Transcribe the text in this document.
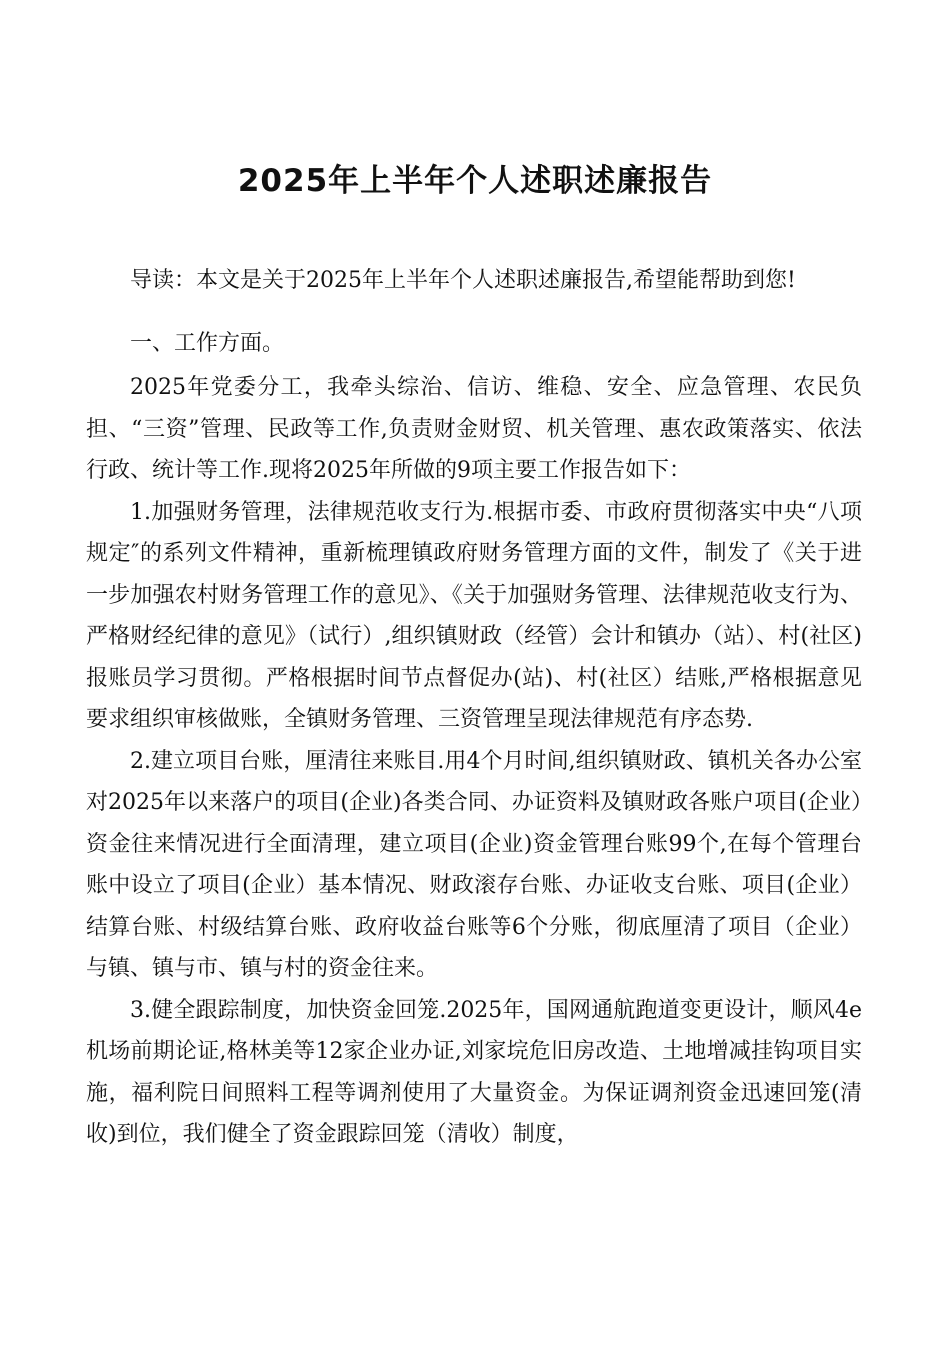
2025年上半年个人述职述廉报告

导读：本文是关于2025年上半年个人述职述廉报告,希望能帮助到您!

一、工作方面。

2025年党委分工，我牵头综治、信访、维稳、安全、应急管理、农民负担、“三资”管理、民政等工作,负责财金财贸、机关管理、惠农政策落实、依法行政、统计等工作.现将2025年所做的9项主要工作报告如下：

1.加强财务管理，法律规范收支行为.根据市委、市政府贯彻落实中央“八项规定″的系列文件精神，重新梳理镇政府财务管理方面的文件，制发了《关于进一步加强农村财务管理工作的意见》、《关于加强财务管理、法律规范收支行为、严格财经纪律的意见》（试行）,组织镇财政（经管）会计和镇办（站）、村(社区)报账员学习贯彻。严格根据时间节点督促办(站)、村(社区）结账,严格根据意见要求组织审核做账，全镇财务管理、三资管理呈现法律规范有序态势.

2.建立项目台账，厘清往来账目.用4个月时间,组织镇财政、镇机关各办公室对2025年以来落户的项目(企业)各类合同、办证资料及镇财政各账户项目(企业）资金往来情况进行全面清理，建立项目(企业)资金管理台账99个,在每个管理台账中设立了项目(企业）基本情况、财政滚存台账、办证收支台账、项目(企业）结算台账、村级结算台账、政府收益台账等6个分账，彻底厘清了项目（企业）与镇、镇与市、镇与村的资金往来。

3.健全跟踪制度，加快资金回笼.2025年，国网通航跑道变更设计，顺风4e机场前期论证,格林美等12家企业办证,刘家垸危旧房改造、土地增减挂钩项目实施，福利院日间照料工程等调剂使用了大量资金。为保证调剂资金迅速回笼(清收)到位，我们健全了资金跟踪回笼（清收）制度，
